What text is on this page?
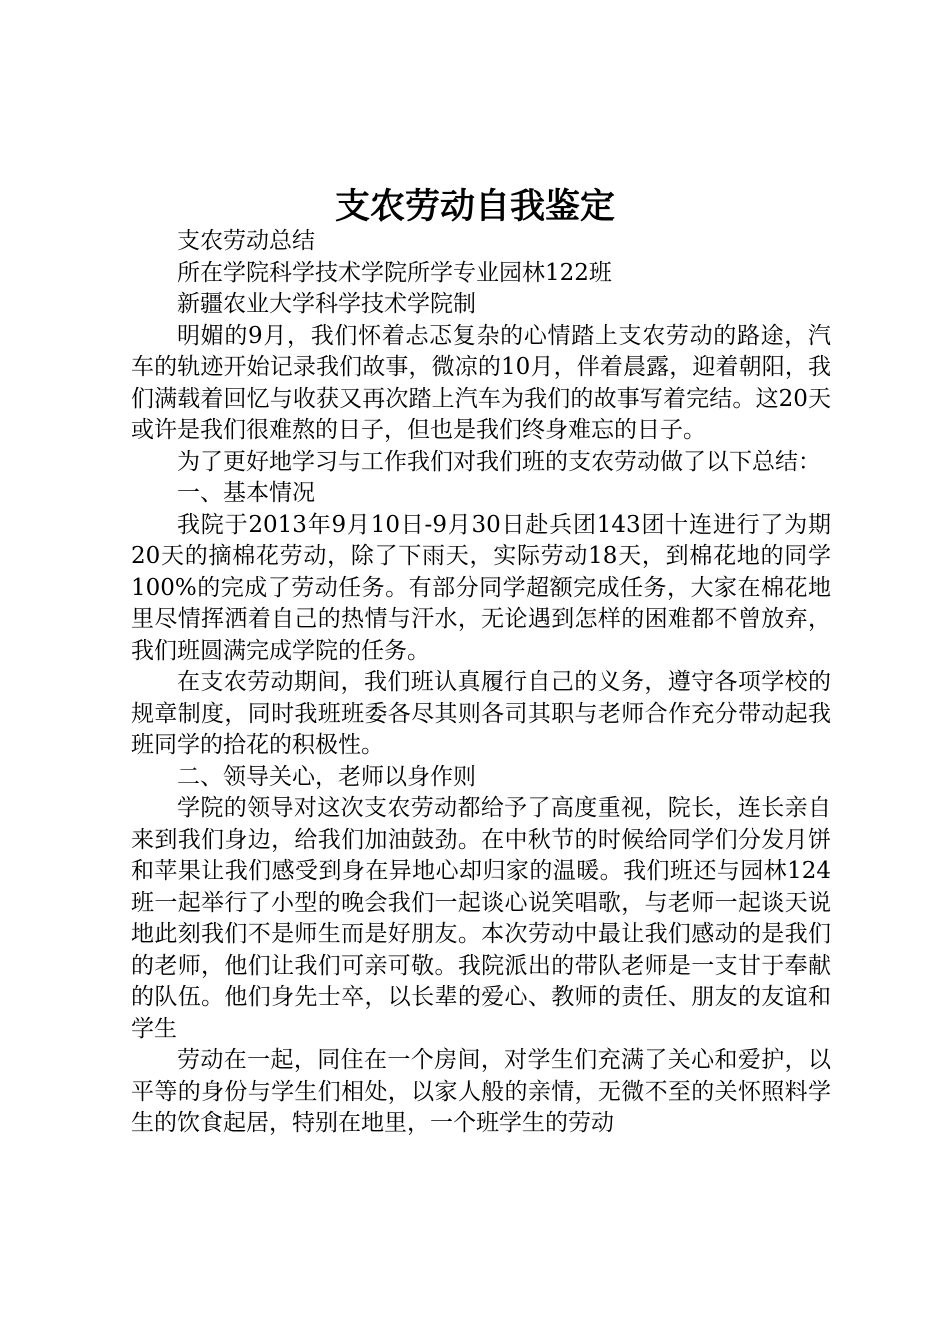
支农劳动自我鉴定

支农劳动总结

所在学院科学技术学院所学专业园林122班

新疆农业大学科学技术学院制

明媚的9月，我们怀着忐忑复杂的心情踏上支农劳动的路途，汽车的轨迹开始记录我们故事，微凉的10月，伴着晨露，迎着朝阳，我们满载着回忆与收获又再次踏上汽车为我们的故事写着完结。这20天或许是我们很难熬的日子，但也是我们终身难忘的日子。

为了更好地学习与工作我们对我们班的支农劳动做了以下总结：

一、基本情况

我院于2013年9月10日-9月30日赴兵团143团十连进行了为期20天的摘棉花劳动，除了下雨天，实际劳动18天，到棉花地的同学100%的完成了劳动任务。有部分同学超额完成任务，大家在棉花地里尽情挥洒着自己的热情与汗水，无论遇到怎样的困难都不曾放弃，我们班圆满完成学院的任务。

在支农劳动期间，我们班认真履行自己的义务，遵守各项学校的规章制度，同时我班班委各尽其则各司其职与老师合作充分带动起我班同学的拾花的积极性。

二、领导关心，老师以身作则

学院的领导对这次支农劳动都给予了高度重视，院长，连长亲自来到我们身边，给我们加油鼓劲。在中秋节的时候给同学们分发月饼和苹果让我们感受到身在异地心却归家的温暖。我们班还与园林124班一起举行了小型的晚会我们一起谈心说笑唱歌，与老师一起谈天说地此刻我们不是师生而是好朋友。本次劳动中最让我们感动的是我们的老师，他们让我们可亲可敬。我院派出的带队老师是一支甘于奉献的队伍。他们身先士卒，以长辈的爱心、教师的责任、朋友的友谊和学生

劳动在一起，同住在一个房间，对学生们充满了关心和爱护，以平等的身份与学生们相处，以家人般的亲情，无微不至的关怀照料学生的饮食起居，特别在地里，一个班学生的劳动
